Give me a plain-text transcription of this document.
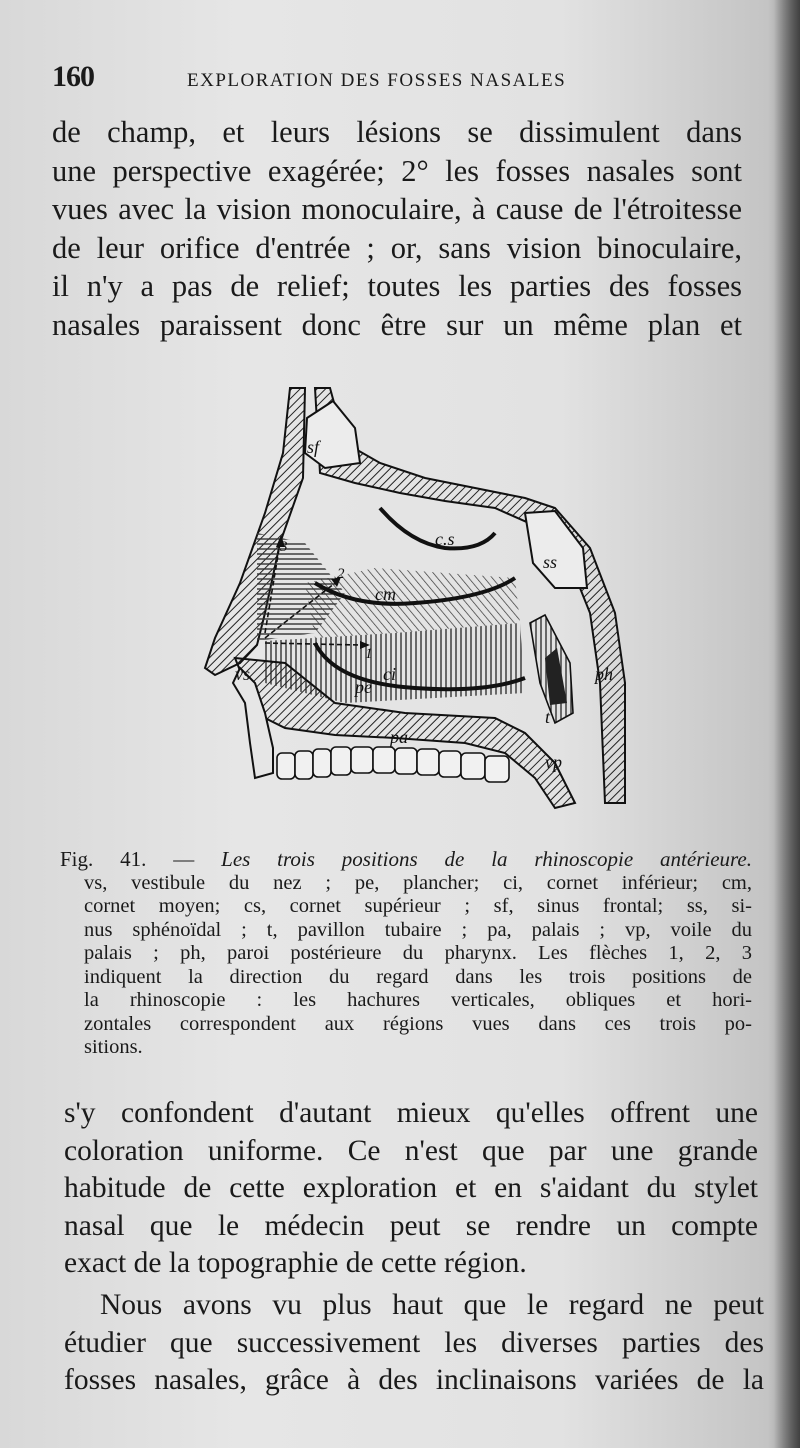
160	EXPLORATION DES FOSSES NASALES
de champ, et leurs lésions se dissimulent dans
une perspective exagérée; 2° les fosses nasales sont
vues avec la vision monoculaire, à cause de l'étroitesse
de leur orifice d'entrée ; or, sans vision binoculaire,
il n'y a pas de relief; toutes les parties des fosses
nasales paraissent donc être sur un même plan et
sf
c.s
ss
cm
ci
pe
vs	ph
t
pa
vp
1
2
3
Fig. 41. — Les trois positions de la rhinoscopie antérieure.
vs, vestibule du nez ; pe, plancher; ci, cornet inférieur; cm,
cornet moyen; cs, cornet supérieur ; sf, sinus frontal; ss, si-
nus sphénoïdal ; t, pavillon tubaire ; pa, palais ; vp, voile du
palais ; ph, paroi postérieure du pharynx. Les flèches 1, 2, 3
indiquent la direction du regard dans les trois positions de
la rhinoscopie : les hachures verticales, obliques et hori-
zontales correspondent aux régions vues dans ces trois po-
sitions.
s'y confondent d'autant mieux qu'elles offrent une
coloration uniforme. Ce n'est que par une grande
habitude de cette exploration et en s'aidant du stylet
nasal que le médecin peut se rendre un compte
exact de la topographie de cette région.
Nous avons vu plus haut que le regard ne peut
étudier que successivement les diverses parties des
fosses nasales, grâce à des inclinaisons variées de la
